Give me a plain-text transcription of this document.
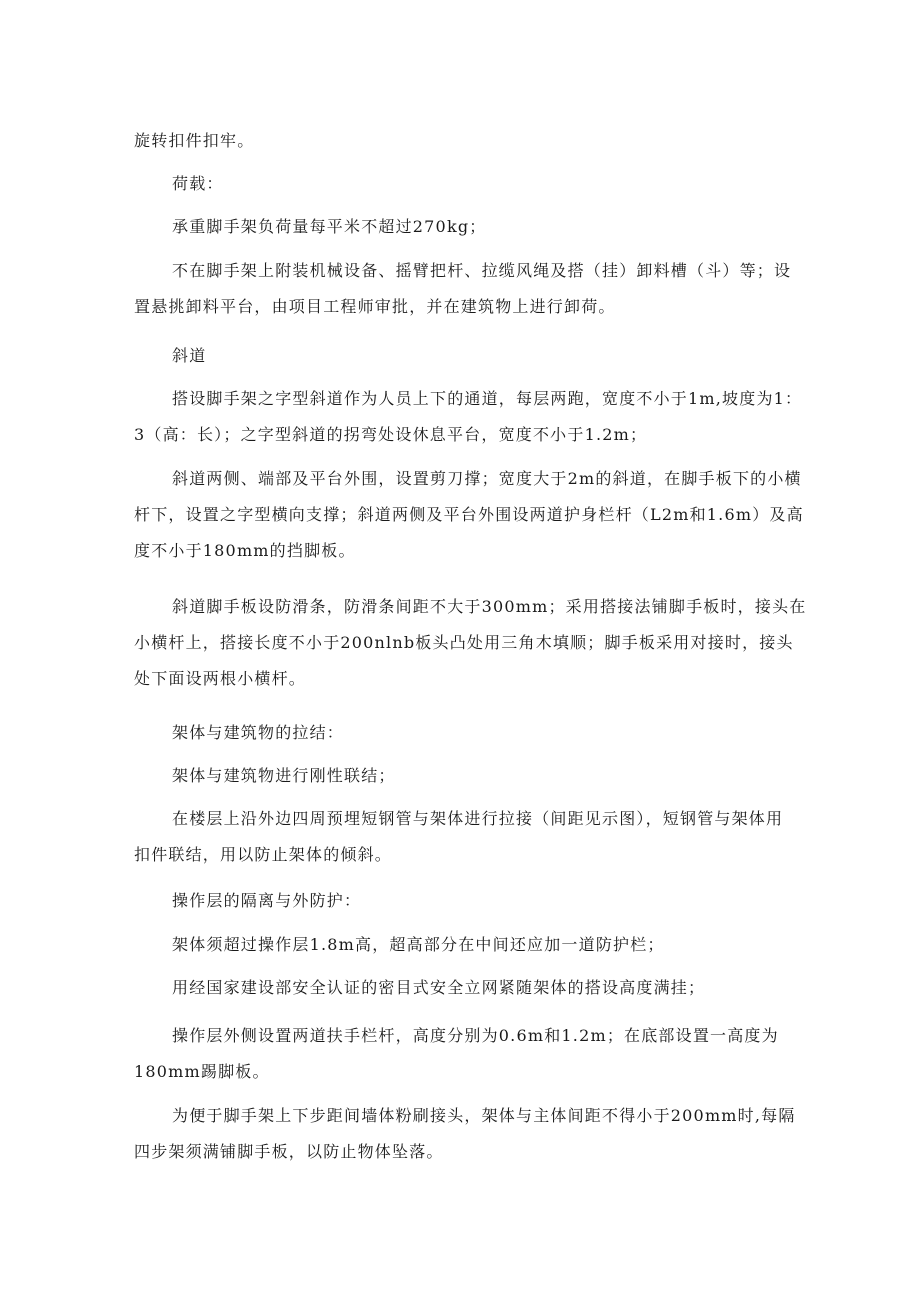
旋转扣件扣牢。
荷载：
承重脚手架负荷量每平米不超过270kg；
不在脚手架上附装机械设备、摇臂把杆、拉缆风绳及搭（挂）卸料槽（斗）等；设
置悬挑卸料平台，由项目工程师审批，并在建筑物上进行卸荷。
斜道
搭设脚手架之字型斜道作为人员上下的通道，每层两跑，宽度不小于1m,坡度为1：
3（高：长）；之字型斜道的拐弯处设休息平台，宽度不小于1.2m；
斜道两侧、端部及平台外围，设置剪刀撑；宽度大于2m的斜道，在脚手板下的小横
杆下，设置之字型横向支撑；斜道两侧及平台外围设两道护身栏杆（L2m和1.6m）及高
度不小于180mm的挡脚板。
斜道脚手板设防滑条，防滑条间距不大于300mm；采用搭接法铺脚手板时，接头在
小横杆上，搭接长度不小于200nlnb板头凸处用三角木填顺；脚手板采用对接时，接头
处下面设两根小横杆。
架体与建筑物的拉结：
架体与建筑物进行刚性联结；
在楼层上沿外边四周预埋短钢管与架体进行拉接（间距见示图），短钢管与架体用
扣件联结，用以防止架体的倾斜。
操作层的隔离与外防护：
架体须超过操作层1.8m高，超高部分在中间还应加一道防护栏；
用经国家建设部安全认证的密目式安全立网紧随架体的搭设高度满挂；
操作层外侧设置两道扶手栏杆，高度分别为0.6m和1.2m；在底部设置一高度为
180mm踢脚板。
为便于脚手架上下步距间墙体粉刷接头，架体与主体间距不得小于200mm时,每隔
四步架须满铺脚手板，以防止物体坠落。
